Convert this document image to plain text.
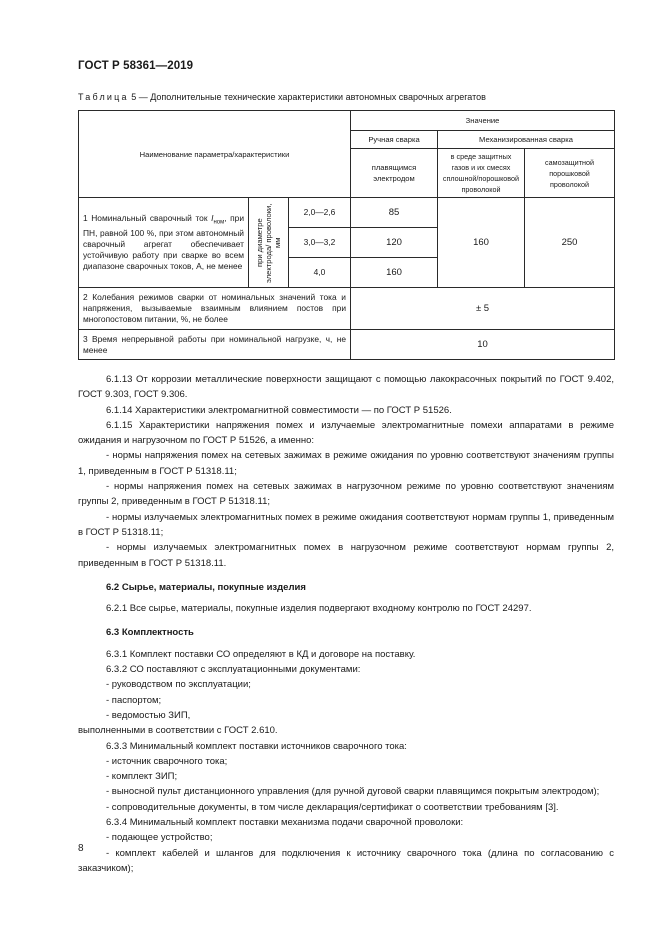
ГОСТ Р 58361—2019
Таблица 5 — Дополнительные технические характеристики автономных сварочных агрегатов
Наименование параметра/характеристики			Значение		
			Ручная сварка	Механизированная сварка	
			плавящимся электродом	в среде защитных газов и их смесях сплошной/порошковой проволокой	самозащитной порошковой проволокой
1 Номинальный сварочный ток $I_{ном}$, при ПН, равной 100 %, при этом автономный сварочный агрегат обеспечивает устойчивую работу при сварке во всем диапазоне сварочных токов, А, не менее	при диаметре электрода/ проволоки, мм	2,0—2,6	85	160	250
		3,0—3,2	120		
		4,0	160		
2 Колебания режимов сварки от номинальных значений тока и напряжения, вызываемые взаимным влиянием постов при многопостовом питании, %, не более			± 5		
3 Время непрерывной работы при номинальной нагрузке, ч, не менее			10		

6.1.13 От коррозии металлические поверхности защищают с помощью лакокрасочных покрытий по ГОСТ 9.402, ГОСТ 9.303, ГОСТ 9.306.

6.1.14 Характеристики электромагнитной совместимости — по ГОСТ Р 51526.

6.1.15 Характеристики напряжения помех и излучаемые электромагнитные помехи аппаратами в режиме ожидания и нагрузочном по ГОСТ Р 51526, а именно:

- нормы напряжения помех на сетевых зажимах в режиме ожидания по уровню соответствуют значениям группы 1, приведенным в ГОСТ Р 51318.11;

- нормы напряжения помех на сетевых зажимах в нагрузочном режиме по уровню соответствуют значениям группы 2, приведенным в ГОСТ Р 51318.11;

- нормы излучаемых электромагнитных помех в режиме ожидания соответствуют нормам группы 1, приведенным в ГОСТ Р 51318.11;

- нормы излучаемых электромагнитных помех в нагрузочном режиме соответствуют нормам группы 2, приведенным в ГОСТ Р 51318.11.

6.2 Сырье, материалы, покупные изделия

6.2.1 Все сырье, материалы, покупные изделия подвергают входному контролю по ГОСТ 24297.

6.3 Комплектность

6.3.1 Комплект поставки СО определяют в КД и договоре на поставку.

6.3.2 СО поставляют с эксплуатационными документами:

- руководством по эксплуатации;

- паспортом;

- ведомостью ЗИП,

выполненными в соответствии с ГОСТ 2.610.

6.3.3 Минимальный комплект поставки источников сварочного тока:

- источник сварочного тока;

- комплект ЗИП;

- выносной пульт дистанционного управления (для ручной дуговой сварки плавящимся покрытым электродом);

- сопроводительные документы, в том числе декларация/сертификат о соответствии требованиям [3].

6.3.4 Минимальный комплект поставки механизма подачи сварочной проволоки:

- подающее устройство;

- комплект кабелей и шлангов для подключения к источнику сварочного тока (длина по согласованию с заказчиком);

8
